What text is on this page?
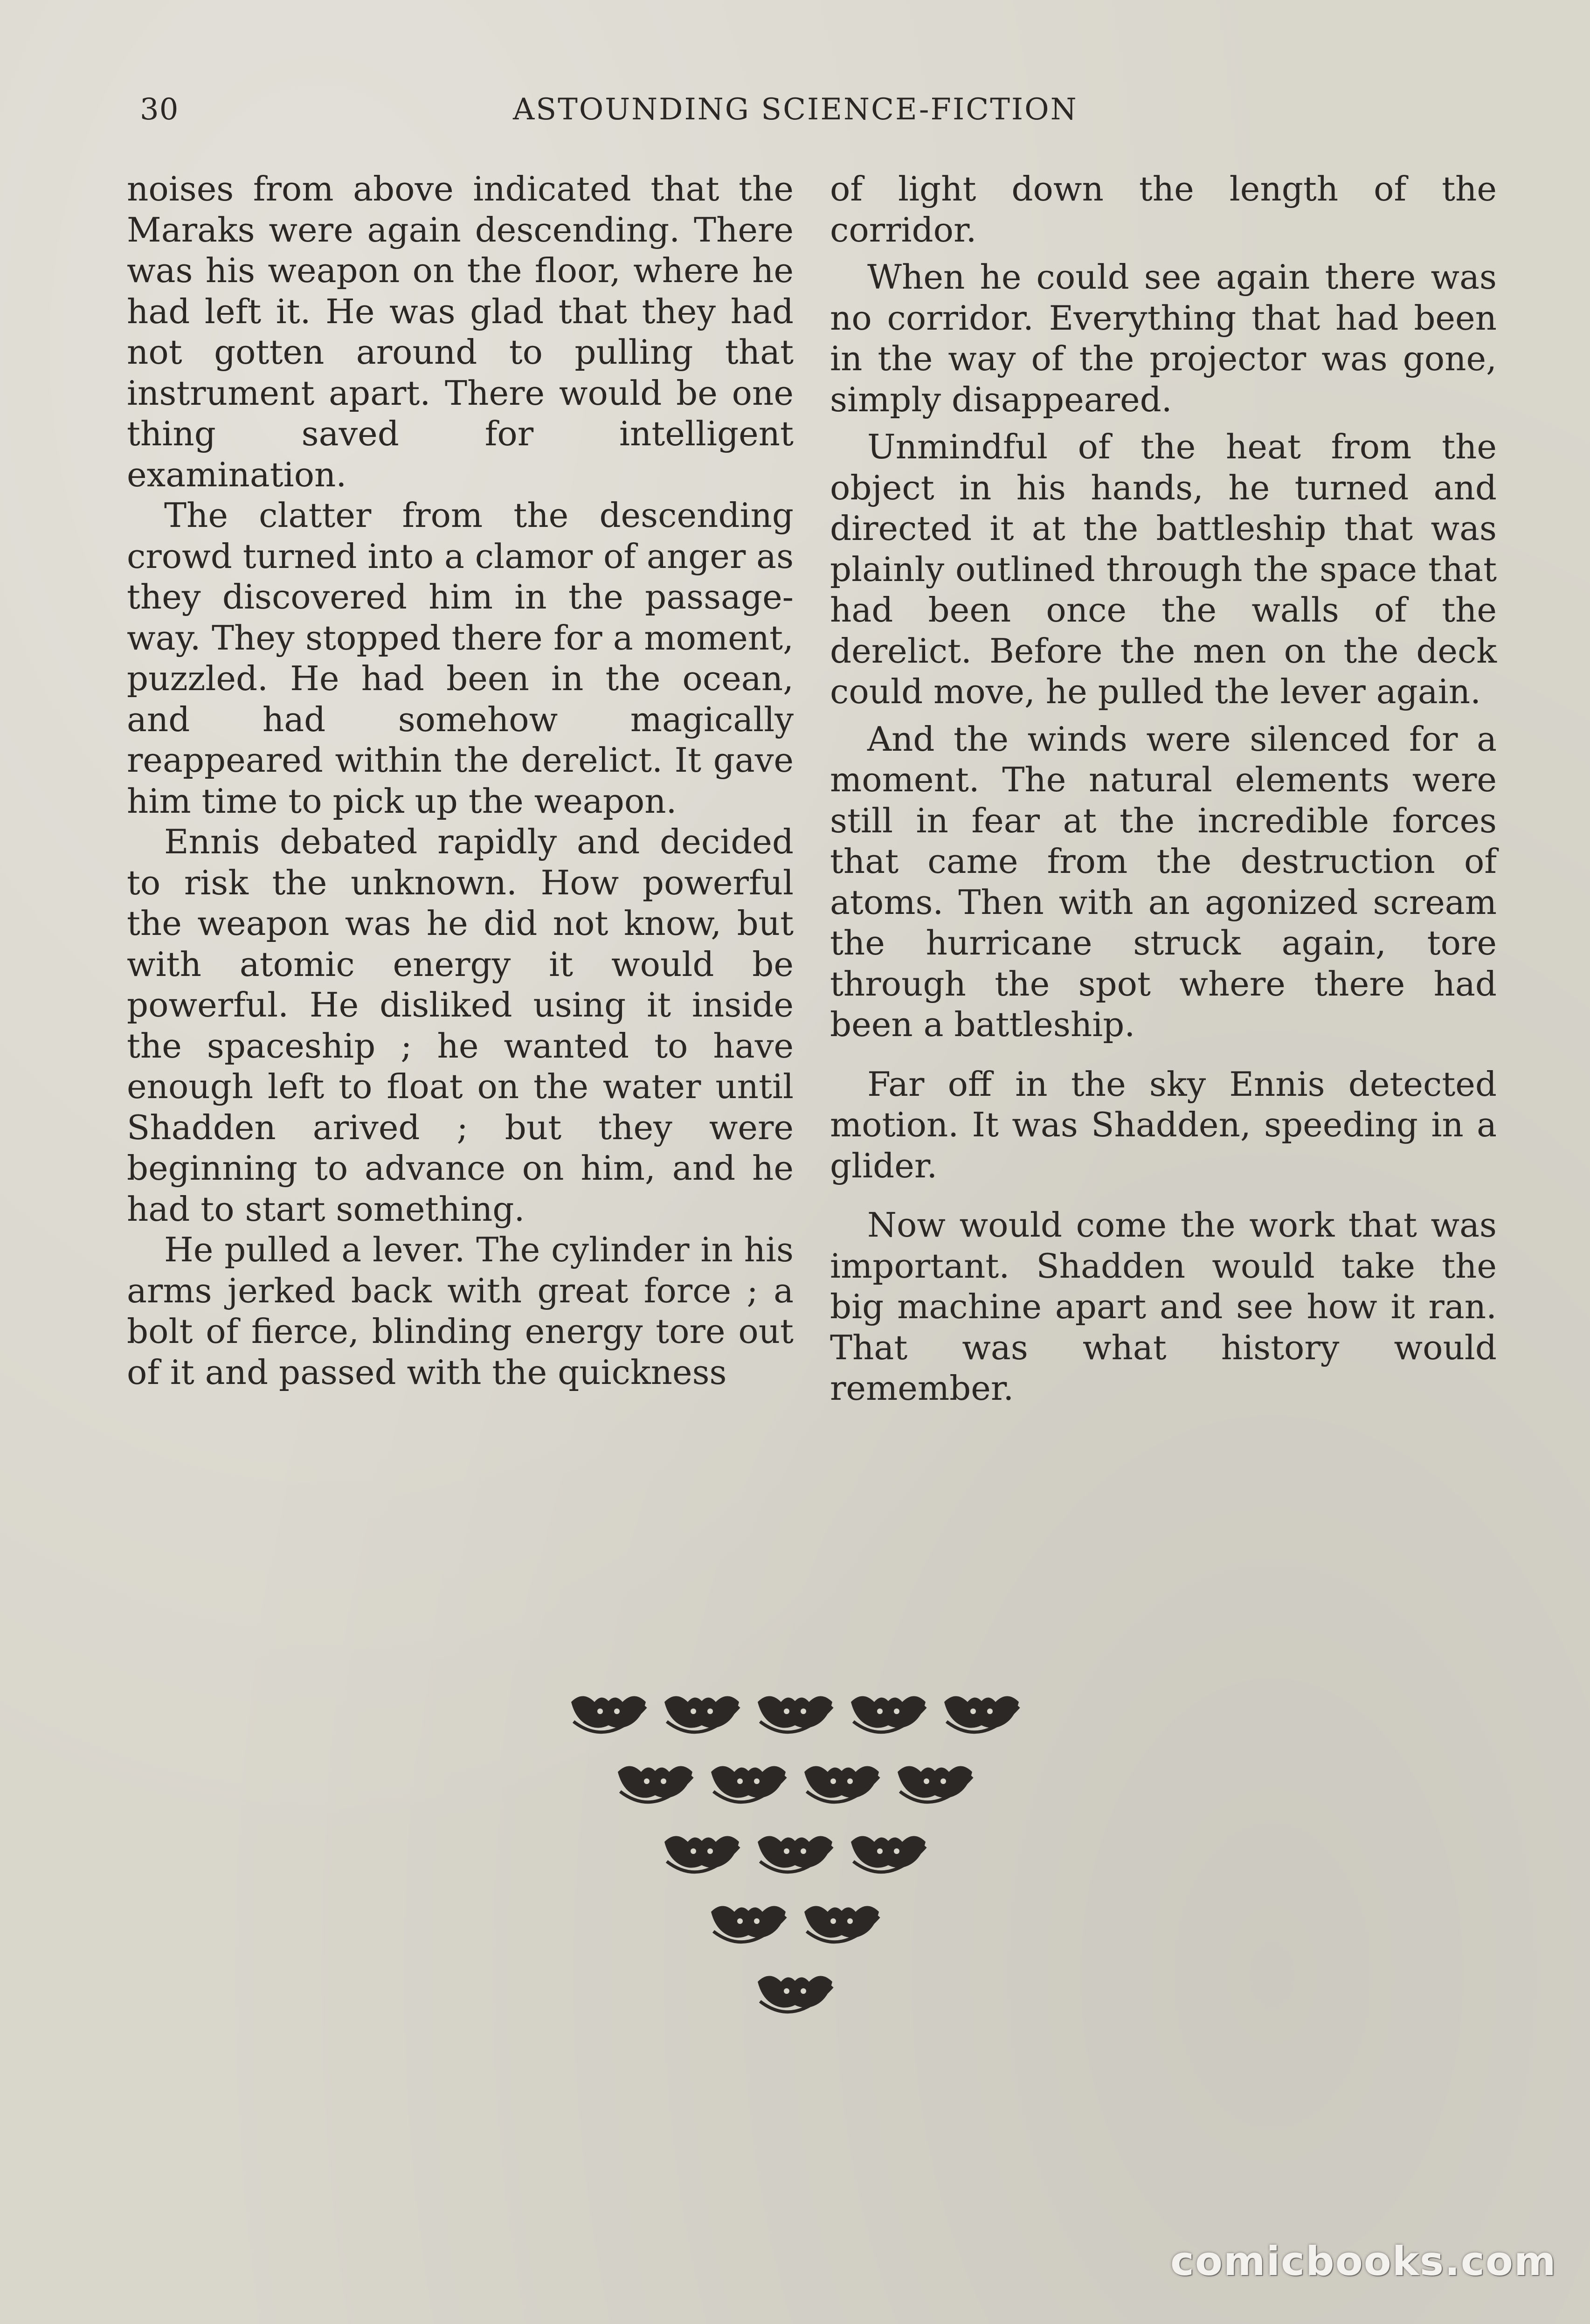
30	ASTOUNDING SCIENCE-FICTION

noises from above indicated that the Maraks were again descending. There was his weapon on the floor, where he had left it. He was glad that they had not gotten around to pulling that instrument apart. There would be one thing saved for intelligent examination.

The clatter from the descending crowd turned into a clamor of anger as they discovered him in the passage-way. They stopped there for a moment, puzzled. He had been in the ocean, and had somehow magically reappeared within the derelict. It gave him time to pick up the weapon.

Ennis debated rapidly and decided to risk the unknown. How powerful the weapon was he did not know, but with atomic energy it would be powerful. He disliked using it inside the spaceship ; he wanted to have enough left to float on the water until Shadden arived ; but they were beginning to advance on him, and he had to start something.

He pulled a lever. The cylinder in his arms jerked back with great force ; a bolt of fierce, blinding energy tore out of it and passed with the quickness

of light down the length of the corridor.

When he could see again there was no corridor. Everything that had been in the way of the projector was gone, simply disappeared.

Unmindful of the heat from the object in his hands, he turned and directed it at the battleship that was plainly outlined through the space that had been once the walls of the derelict. Before the men on the deck could move, he pulled the lever again.

And the winds were silenced for a moment. The natural elements were still in fear at the incredible forces that came from the destruction of atoms. Then with an agonized scream the hurricane struck again, tore through the spot where there had been a battleship.

Far off in the sky Ennis detected motion. It was Shadden, speeding in a glider.

Now would come the work that was important. Shadden would take the big machine apart and see how it ran. That was what history would remember.

comicbooks.com
